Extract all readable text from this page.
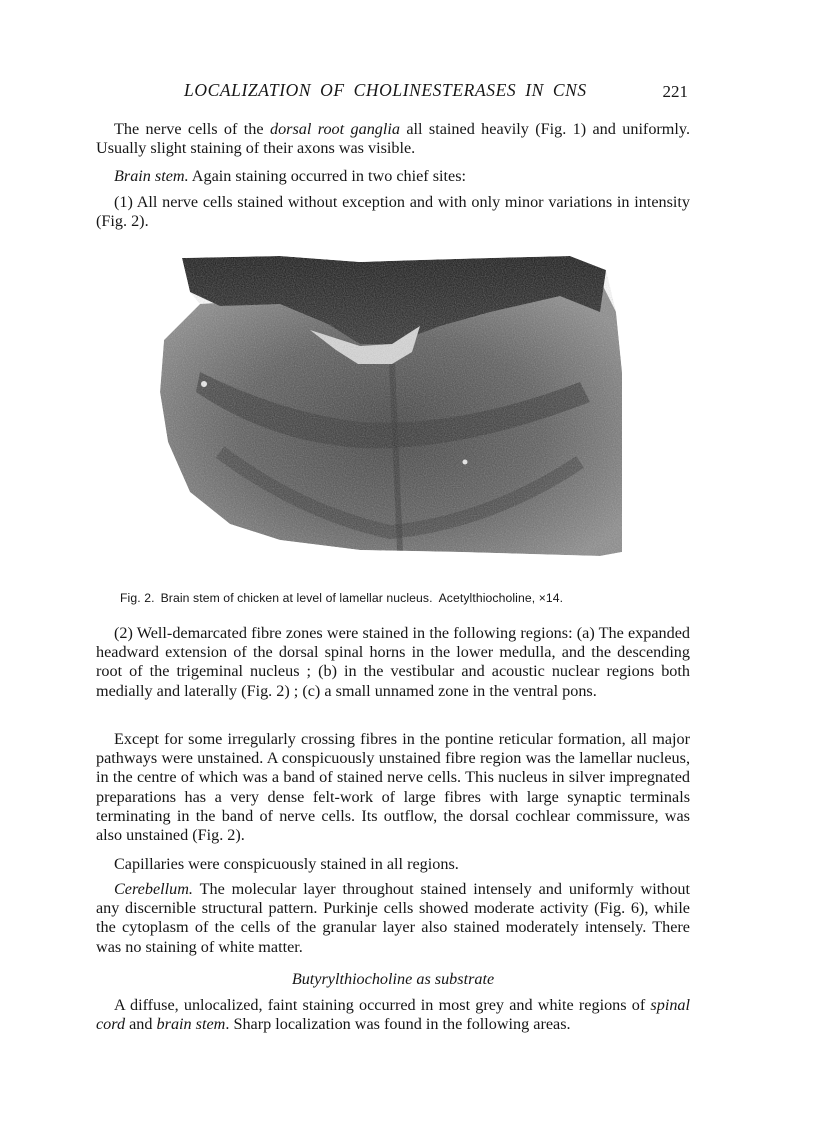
LOCALIZATION OF CHOLINESTERASES IN CNS	221

The nerve cells of the dorsal root ganglia all stained heavily (Fig. 1) and uniformly. Usually slight staining of their axons was visible.

Brain stem. Again staining occurred in two chief sites:

(1) All nerve cells stained without exception and with only minor variations in intensity (Fig. 2).

Fig. 2. Brain stem of chicken at level of lamellar nucleus. Acetylthiocholine, ×14.

(2) Well-demarcated fibre zones were stained in the following regions: (a) The expanded headward extension of the dorsal spinal horns in the lower medulla, and the descending root of the trigeminal nucleus ; (b) in the vestibular and acoustic nuclear regions both medially and laterally (Fig. 2) ; (c) a small unnamed zone in the ventral pons.

Except for some irregularly crossing fibres in the pontine reticular formation, all major pathways were unstained. A conspicuously unstained fibre region was the lamellar nucleus, in the centre of which was a band of stained nerve cells. This nucleus in silver impregnated preparations has a very dense felt-work of large fibres with large synaptic terminals terminating in the band of nerve cells. Its outflow, the dorsal cochlear commissure, was also unstained (Fig. 2).

Capillaries were conspicuously stained in all regions.

Cerebellum. The molecular layer throughout stained intensely and uniformly without any discernible structural pattern. Purkinje cells showed moderate activity (Fig. 6), while the cytoplasm of the cells of the granular layer also stained moderately intensely. There was no staining of white matter.

Butyrylthiocholine as substrate

A diffuse, unlocalized, faint staining occurred in most grey and white regions of spinal cord and brain stem. Sharp localization was found in the following areas.
